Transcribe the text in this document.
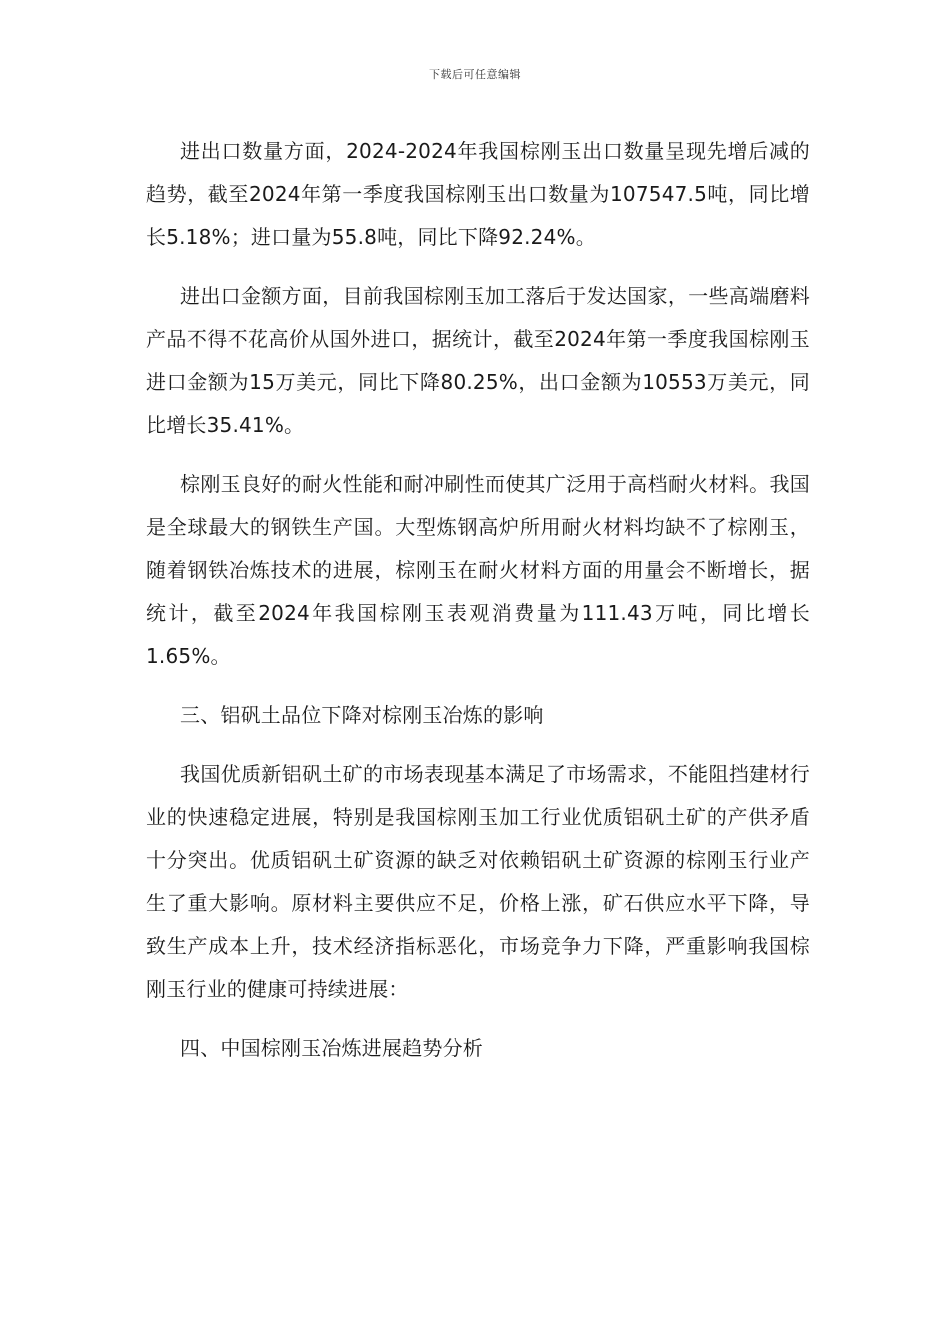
下载后可任意编辑

进出口数量方面，2024-2024年我国棕刚玉出口数量呈现先增后减的趋势，截至2024年第一季度我国棕刚玉出口数量为107547.5吨，同比增长5.18%；进口量为55.8吨，同比下降92.24%。

进出口金额方面，目前我国棕刚玉加工落后于发达国家，一些高端磨料产品不得不花高价从国外进口，据统计，截至2024年第一季度我国棕刚玉进口金额为15万美元，同比下降80.25%，出口金额为10553万美元，同比增长35.41%。

棕刚玉良好的耐火性能和耐冲刷性而使其广泛用于高档耐火材料。我国是全球最大的钢铁生产国。大型炼钢高炉所用耐火材料均缺不了棕刚玉，随着钢铁冶炼技术的进展，棕刚玉在耐火材料方面的用量会不断增长，据统计，截至2024年我国棕刚玉表观消费量为111.43万吨，同比增长1.65%。

三、铝矾土品位下降对棕刚玉冶炼的影响

我国优质新铝矾土矿的市场表现基本满足了市场需求，不能阻挡建材行业的快速稳定进展，特别是我国棕刚玉加工行业优质铝矾土矿的产供矛盾十分突出。优质铝矾土矿资源的缺乏对依赖铝矾土矿资源的棕刚玉行业产生了重大影响。原材料主要供应不足，价格上涨，矿石供应水平下降，导致生产成本上升，技术经济指标恶化，市场竞争力下降，严重影响我国棕刚玉行业的健康可持续进展：

四、中国棕刚玉冶炼进展趋势分析
